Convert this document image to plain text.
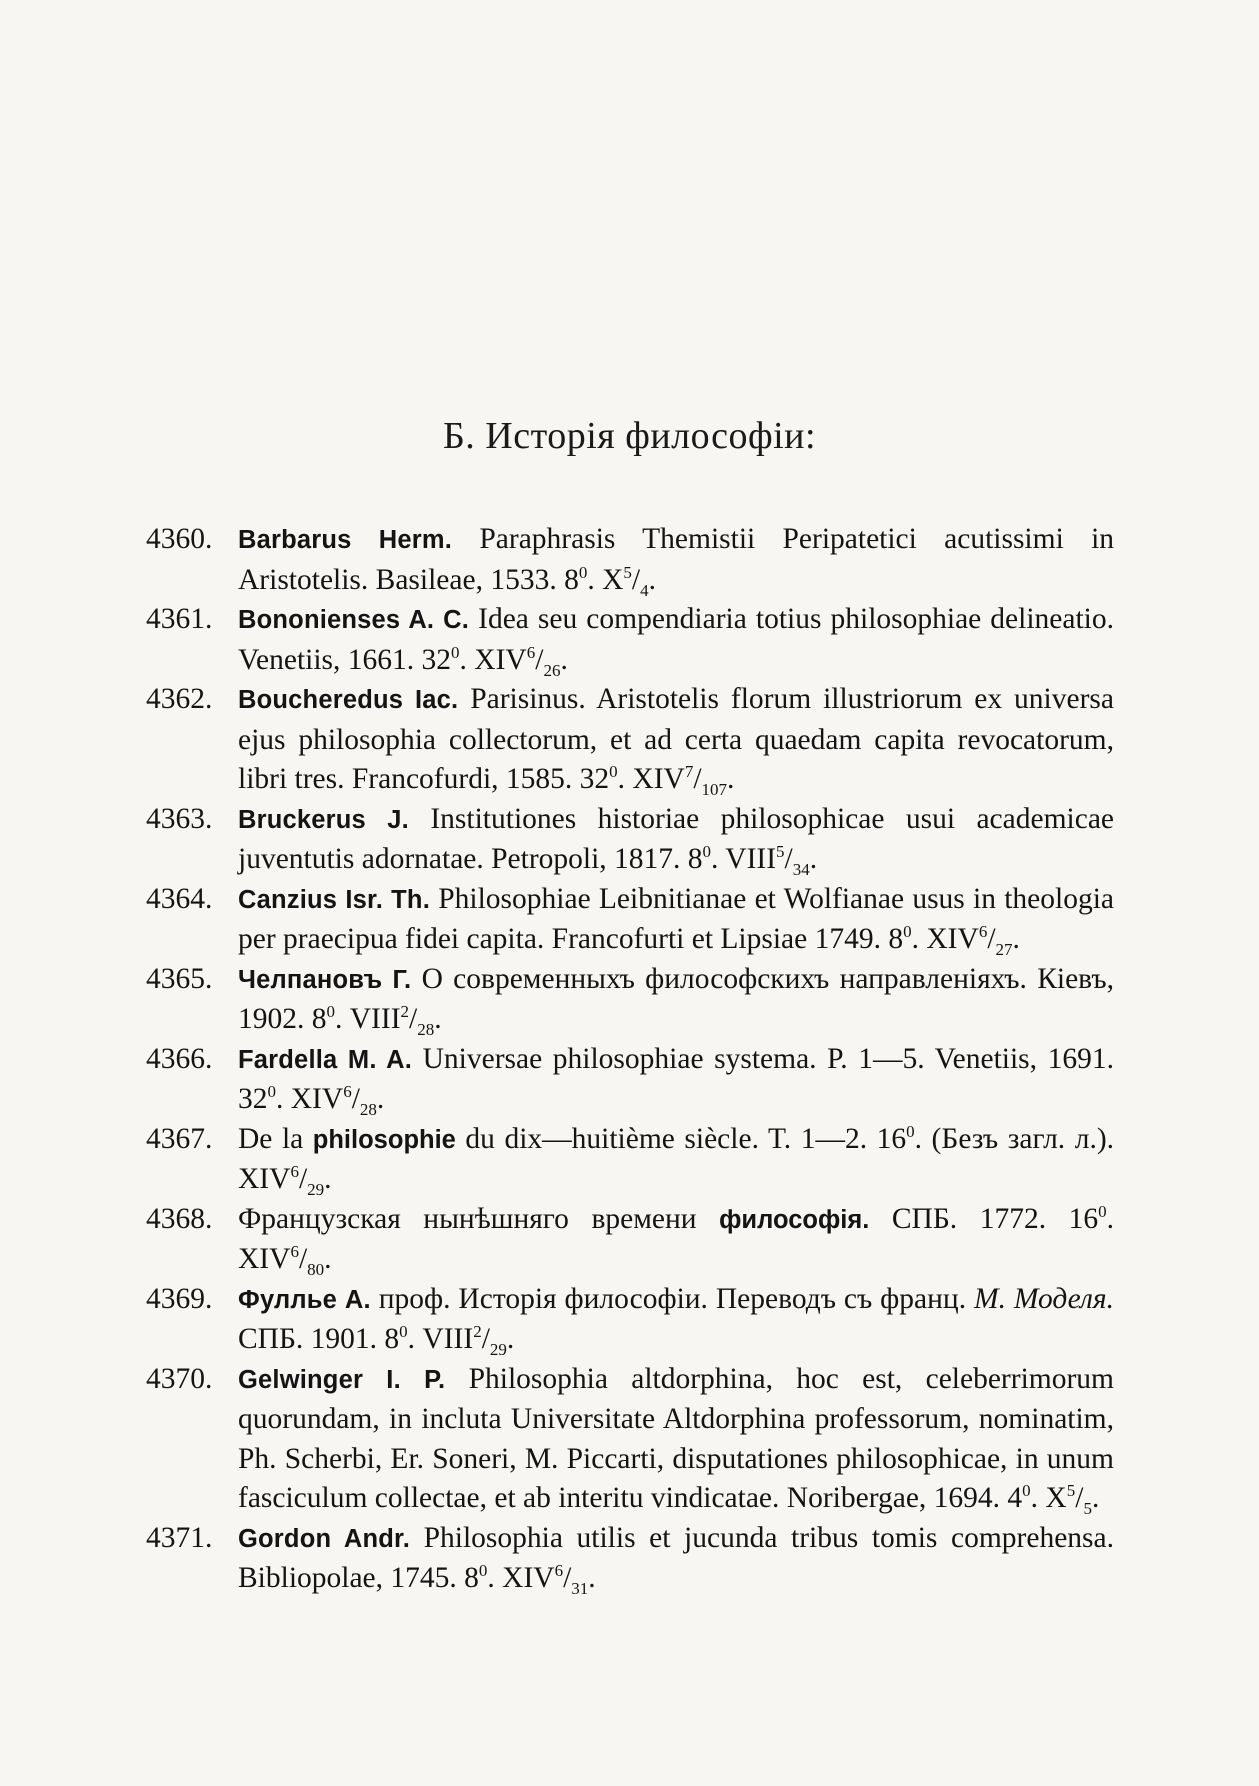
Б. Исторія философіи:

4360.	Barbarus Herm. Paraphrasis Themistii Peripatetici acutissimi in Aristotelis. Basileae, 1533. $8^0$. $X^5/_4$.

4361.	Bononienses A. C. Idea seu compendiaria totius philosophiae delineatio. Venetiis, 1661. $32^0$. $XIV^6/_{26}$.

4362.	Boucheredus Iac. Parisinus. Aristotelis florum illustriorum ex universa ejus philosophia collectorum, et ad certa quaedam capita revocatorum, libri tres. Francofurdi, 1585. $32^0$. $XIV^7/_{107}$.

4363.	Bruckerus J. Institutiones historiae philosophicae usui academicae juventutis adornatae. Petropoli, 1817. $8^0$. $VIII^5/_{34}$.

4364.	Canzius Isr. Th. Philosophiae Leibnitianae et Wolfianae usus in theologia per praecipua fidei capita. Francofurti et Lipsiae 1749. $8^0$. $XIV^6/_{27}$.

4365.	Челпановъ Г. О современныхъ философскихъ направленіяхъ. Кіевъ, 1902. $8^0$. $VIII^2/_{28}$.

4366.	Fardella M. A. Universae philosophiae systema. P. 1—5. Venetiis, 1691. $32^0$. $XIV^6/_{28}$.

4367. De la philosophie du dix—huitième siècle. T. 1—2. $16^0$. (Безъ загл. л.). $XIV^6/_{29}$.

4368. Французская нынѣшняго времени философія. СПБ. 1772. $16^0$. $XIV^6/_{80}$.

4369.	Фулльe А. проф. Исторія философіи. Переводъ съ франц. М. Моделя. СПБ. 1901. $8^0$. $VIII^2/_{29}$.

4370.	Gelwinger I. P. Philosophia altdorphina, hoc est, celeberrimorum quorundam, in incluta Universitate Altdorphina professorum, nominatim, Ph. Scherbi, Er. Soneri, M. Piccarti, disputationes philosophicae, in unum fasciculum collectae, et ab interitu vindicatae. Noribergae, 1694. $4^0$. $X^5/_5$.

4371.	Gordon Andr. Philosophia utilis et jucunda tribus tomis comprehensa. Bibliopolae, 1745. $8^0$. $XIV^6/_{31}$.
